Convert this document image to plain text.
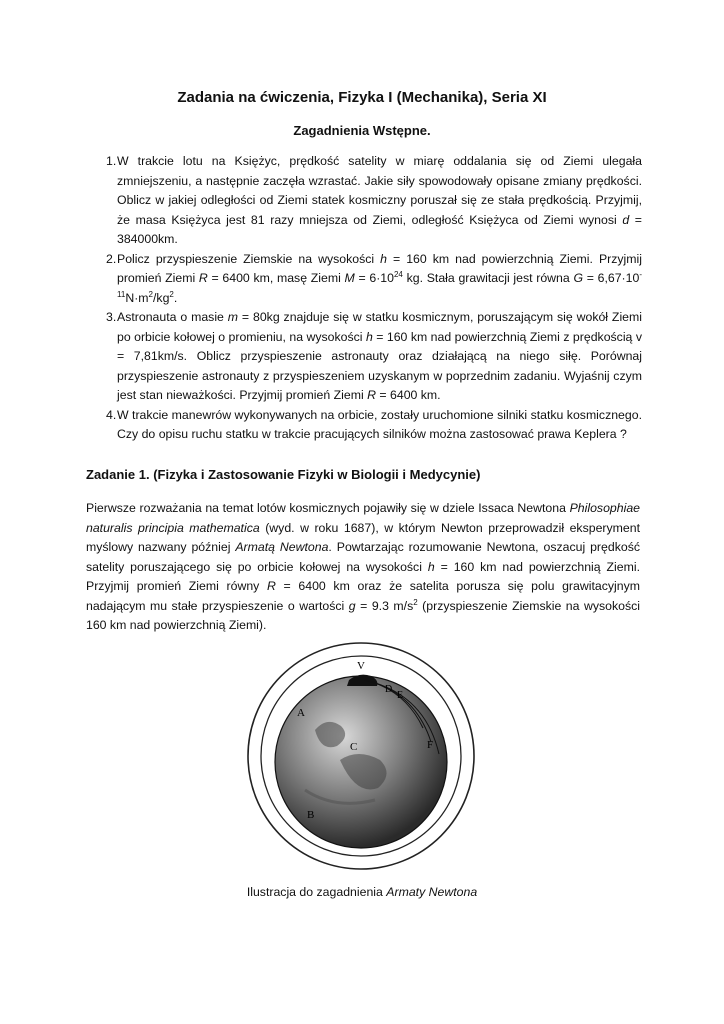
Zadania na ćwiczenia, Fizyka I (Mechanika), Seria XI
Zagadnienia Wstępne.
1. W trakcie lotu na Księżyc, prędkość satelity w miarę oddalania się od Ziemi ulegała zmniejszeniu, a następnie zaczęła wzrastać. Jakie siły spowodowały opisane zmiany prędkości. Oblicz w jakiej odległości od Ziemi statek kosmiczny poruszał się ze stała prędkością. Przyjmij, że masa Księżyca jest 81 razy mniejsza od Ziemi, odległość Księżyca od Ziemi wynosi d = 384000km.
2. Policz przyspieszenie Ziemskie na wysokości h = 160 km nad powierzchnią Ziemi. Przyjmij promień Ziemi R = 6400 km, masę Ziemi $M = 6\cdot 10^{24}$ kg. Stała grawitacji jest równa $G = 6,67\cdot 10^{-11}N\cdot m^2/kg^2$.
3. Astronauta o masie m = 80kg znajduje się w statku kosmicznym, poruszającym się wokół Ziemi po orbicie kołowej o promieniu, na wysokości h = 160 km nad powierzchnią Ziemi z prędkością v = 7,81km/s. Oblicz przyspieszenie astronauty oraz działającą na niego siłę. Porównaj przyspieszenie astronauty z przyspieszeniem uzyskanym w poprzednim zadaniu. Wyjaśnij czym jest stan nieważkości. Przyjmij promień Ziemi R = 6400 km.
4. W trakcie manewrów wykonywanych na orbicie, zostały uruchomione silniki statku kosmicznego. Czy do opisu ruchu statku w trakcie pracujących silników można zastosować prawa Keplera ?
Zadanie 1. (Fizyka i Zastosowanie Fizyki w Biologii i Medycynie)

Pierwsze rozważania na temat lotów kosmicznych pojawiły się w dziele Issaca Newtona Philosophiae naturalis principia mathematica (wyd. w roku 1687), w którym Newton przeprowadził eksperyment myślowy nazwany później Armatą Newtona. Powtarzając rozumowanie Newtona, oszacuj prędkość satelity poruszającego się po orbicie kołowej na wysokości h = 160 km nad powierzchnią Ziemi. Przyjmij promień Ziemi równy R = 6400 km oraz że satelita porusza się polu grawitacyjnym nadającym mu stałe przyspieszenie o wartości g = 9.3 $m/s^2$ (przyspieszenie Ziemskie na wysokości 160 km nad powierzchnią Ziemi).

V
D
E
A
C	F
B
Ilustracja do zagadnienia Armaty Newtona
